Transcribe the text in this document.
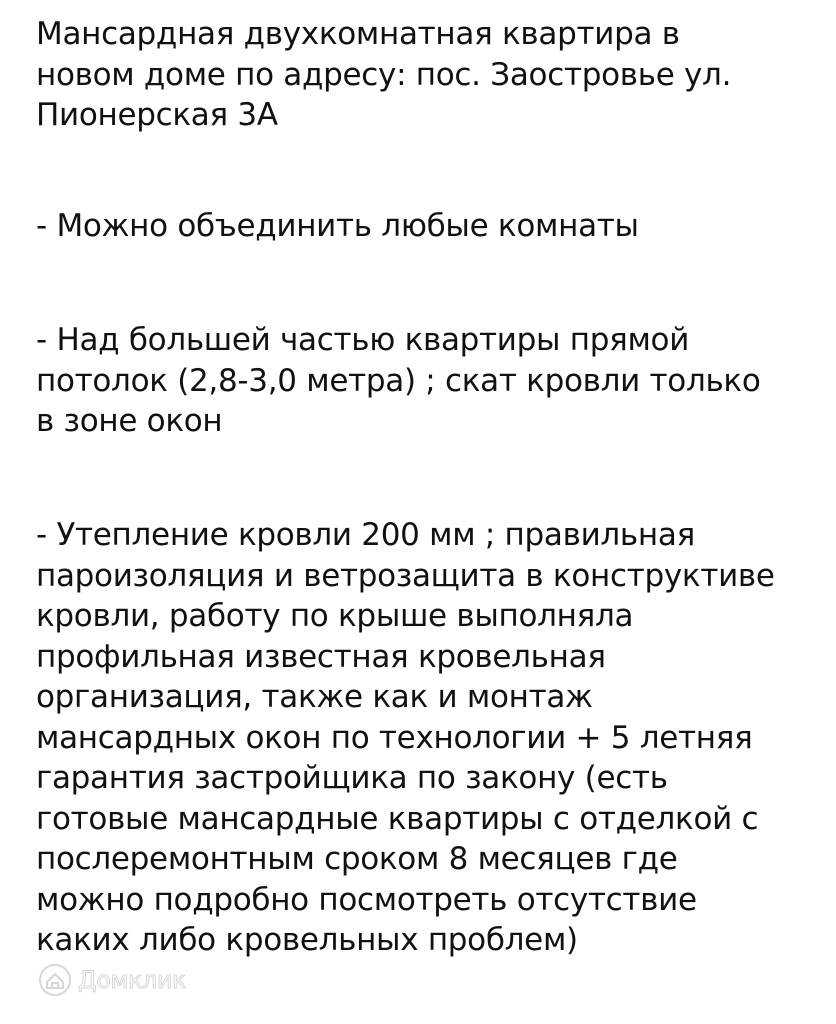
Мансардная двухкомнатная квартира в
новом доме по адресу: пос. Заостровье ул.
Пионерская 3А

- Можно объединить любые комнаты

- Над большей частью квартиры прямой
потолок (2,8-3,0 метра) ; скат кровли только
в зоне окон

- Утепление кровли 200 мм ; правильная
пароизоляция и ветрозащита в конструктиве
кровли, работу по крыше выполняла
профильная известная кровельная
организация, также как и монтаж
мансардных окон по технологии + 5 летняя
гарантия застройщика по закону (есть
готовые мансардные квартиры с отделкой с
послеремонтным сроком 8 месяцев где
можно подробно посмотреть отсутствие
каких либо кровельных проблем)

Домклик
